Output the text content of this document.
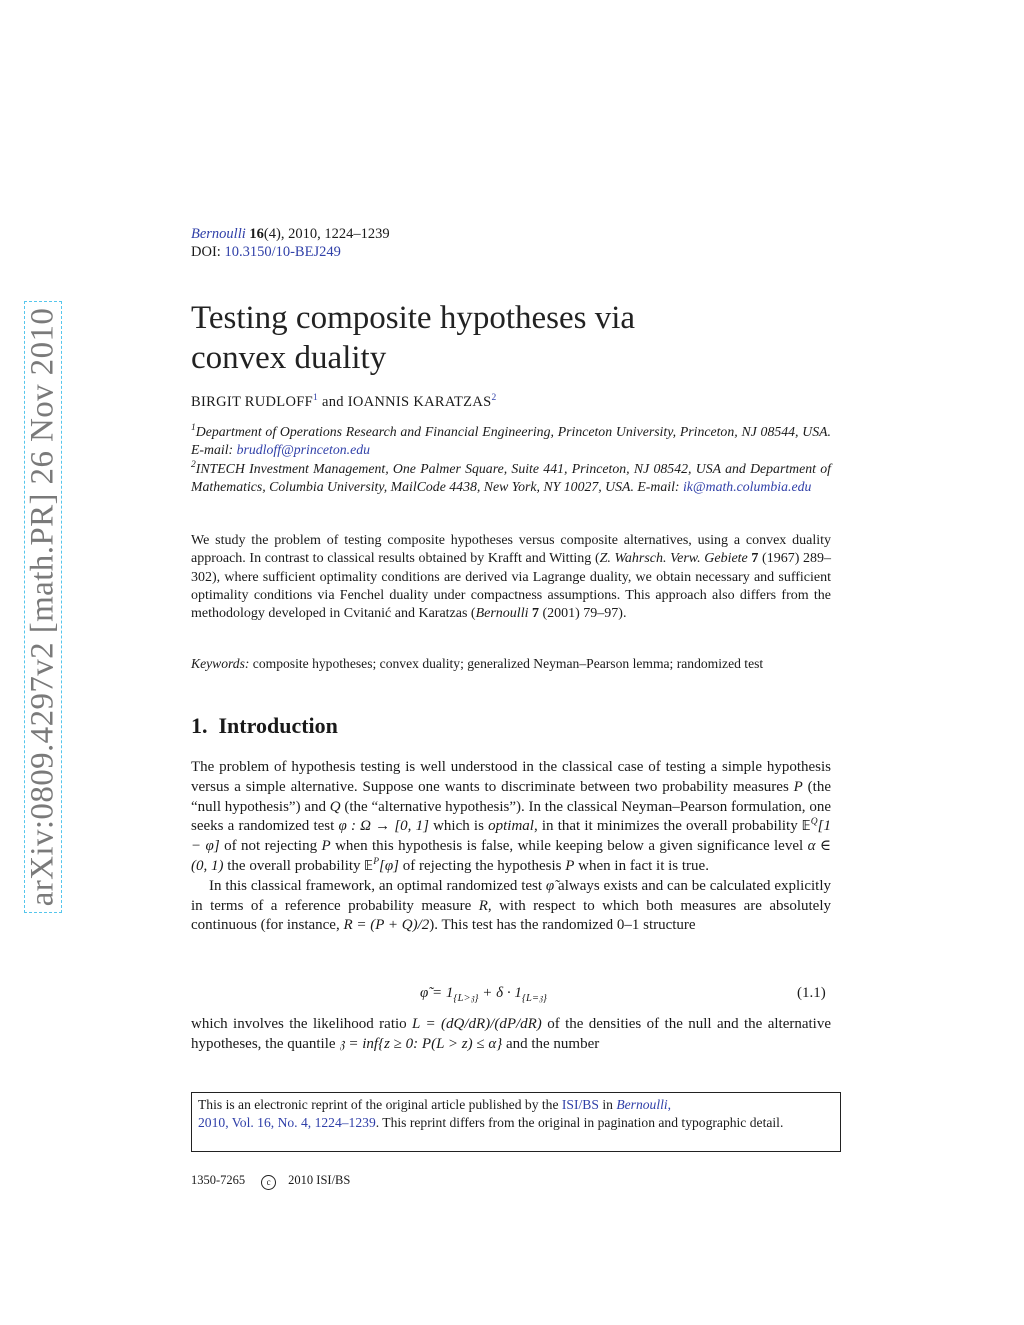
arXiv:0809.4297v2 [math.PR] 26 Nov 2010
Bernoulli 16(4), 2010, 1224–1239
DOI: 10.3150/10-BEJ249
Testing composite hypotheses via
convex duality
BIRGIT RUDLOFF$^1$ and IOANNIS KARATZAS$^2$
$^1$Department of Operations Research and Financial Engineering, Princeton University, Princeton, NJ 08544, USA. E-mail: brudloff@princeton.edu
$^2$INTECH Investment Management, One Palmer Square, Suite 441, Princeton, NJ 08542, USA and Department of Mathematics, Columbia University, MailCode 4438, New York, NY 10027, USA. E-mail: ik@math.columbia.edu
We study the problem of testing composite hypotheses versus composite alternatives, using a convex duality approach. In contrast to classical results obtained by Krafft and Witting (Z. Wahrsch. Verw. Gebiete 7 (1967) 289–302), where sufficient optimality conditions are derived via Lagrange duality, we obtain necessary and sufficient optimality conditions via Fenchel duality under compactness assumptions. This approach also differs from the methodology developed in Cvitanić and Karatzas (Bernoulli 7 (2001) 79–97).
Keywords: composite hypotheses; convex duality; generalized Neyman–Pearson lemma; randomized test
1.  Introduction

The problem of hypothesis testing is well understood in the classical case of testing a simple hypothesis versus a simple alternative. Suppose one wants to discriminate between two probability measures P (the “null hypothesis”) and Q (the “alternative hypothesis”). In the classical Neyman–Pearson formulation, one seeks a randomized test φ : Ω → [0, 1] which is optimal, in that it minimizes the overall probability 𝔼$^Q$[1 − φ] of not rejecting P when this hypothesis is false, while keeping below a given significance level α ∈ (0, 1) the overall probability 𝔼$^P$[φ] of rejecting the hypothesis P when in fact it is true.

In this classical framework, an optimal randomized test φ̃ always exists and can be calculated explicitly in terms of a reference probability measure R, with respect to which both measures are absolutely continuous (for instance, R = (P + Q)/2). This test has the randomized 0–1 structure

φ̃ = $1_{\{L>𝔷\}} + \delta \cdot 1_{\{L=𝔷\}}$	(1.1)
which involves the likelihood ratio L = (dQ/dR)/(dP/dR) of the densities of the null and the alternative hypotheses, the quantile 𝔷 = inf{z ≥ 0: P(L > z) ≤ α} and the number
This is an electronic reprint of the original article published by the ISI/BS in Bernoulli,
2010, Vol. 16, No. 4, 1224–1239. This reprint differs from the original in pagination and typographic detail.
1350-7265 c 2010 ISI/BS
